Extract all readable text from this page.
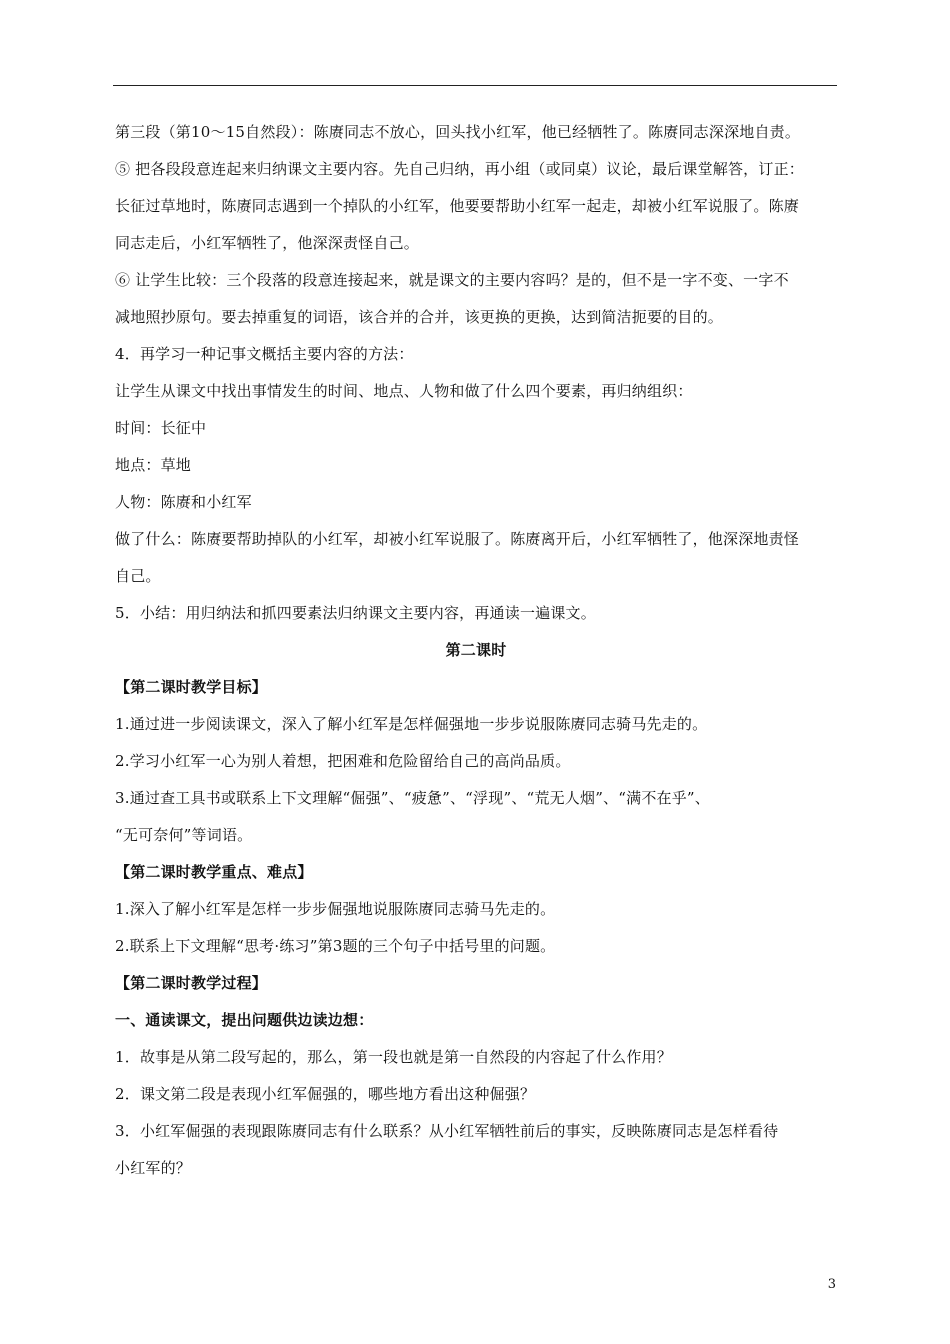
第三段（第10～15自然段）：陈赓同志不放心，回头找小红军，他已经牺牲了。陈赓同志深深地自责。
⑤ 把各段段意连起来归纳课文主要内容。先自己归纳，再小组（或同桌）议论，最后课堂解答，订正：
长征过草地时，陈赓同志遇到一个掉队的小红军，他要要帮助小红军一起走，却被小红军说服了。陈赓
同志走后，小红军牺牲了，他深深责怪自己。
⑥ 让学生比较：三个段落的段意连接起来，就是课文的主要内容吗？是的，但不是一字不变、一字不
减地照抄原句。要去掉重复的词语，该合并的合并，该更换的更换，达到简洁扼要的目的。
4．再学习一种记事文概括主要内容的方法：
让学生从课文中找出事情发生的时间、地点、人物和做了什么四个要素，再归纳组织：
时间：长征中
地点：草地
人物：陈赓和小红军
做了什么：陈赓要帮助掉队的小红军，却被小红军说服了。陈赓离开后，小红军牺牲了，他深深地责怪
自己。
5．小结：用归纳法和抓四要素法归纳课文主要内容，再通读一遍课文。
第二课时
【第二课时教学目标】
1.通过进一步阅读课文，深入了解小红军是怎样倔强地一步步说服陈赓同志骑马先走的。
2.学习小红军一心为别人着想，把困难和危险留给自己的高尚品质。
3.通过查工具书或联系上下文理解“倔强”、“疲惫”、“浮现”、“荒无人烟”、“满不在乎”、
“无可奈何”等词语。
【第二课时教学重点、难点】
1.深入了解小红军是怎样一步步倔强地说服陈赓同志骑马先走的。
2.联系上下文理解“思考·练习”第3题的三个句子中括号里的问题。
【第二课时教学过程】
一、通读课文，提出问题供边读边想：
1．故事是从第二段写起的，那么，第一段也就是第一自然段的内容起了什么作用？
2．课文第二段是表现小红军倔强的，哪些地方看出这种倔强？
3．小红军倔强的表现跟陈赓同志有什么联系？从小红军牺牲前后的事实，反映陈赓同志是怎样看待
小红军的？
3
